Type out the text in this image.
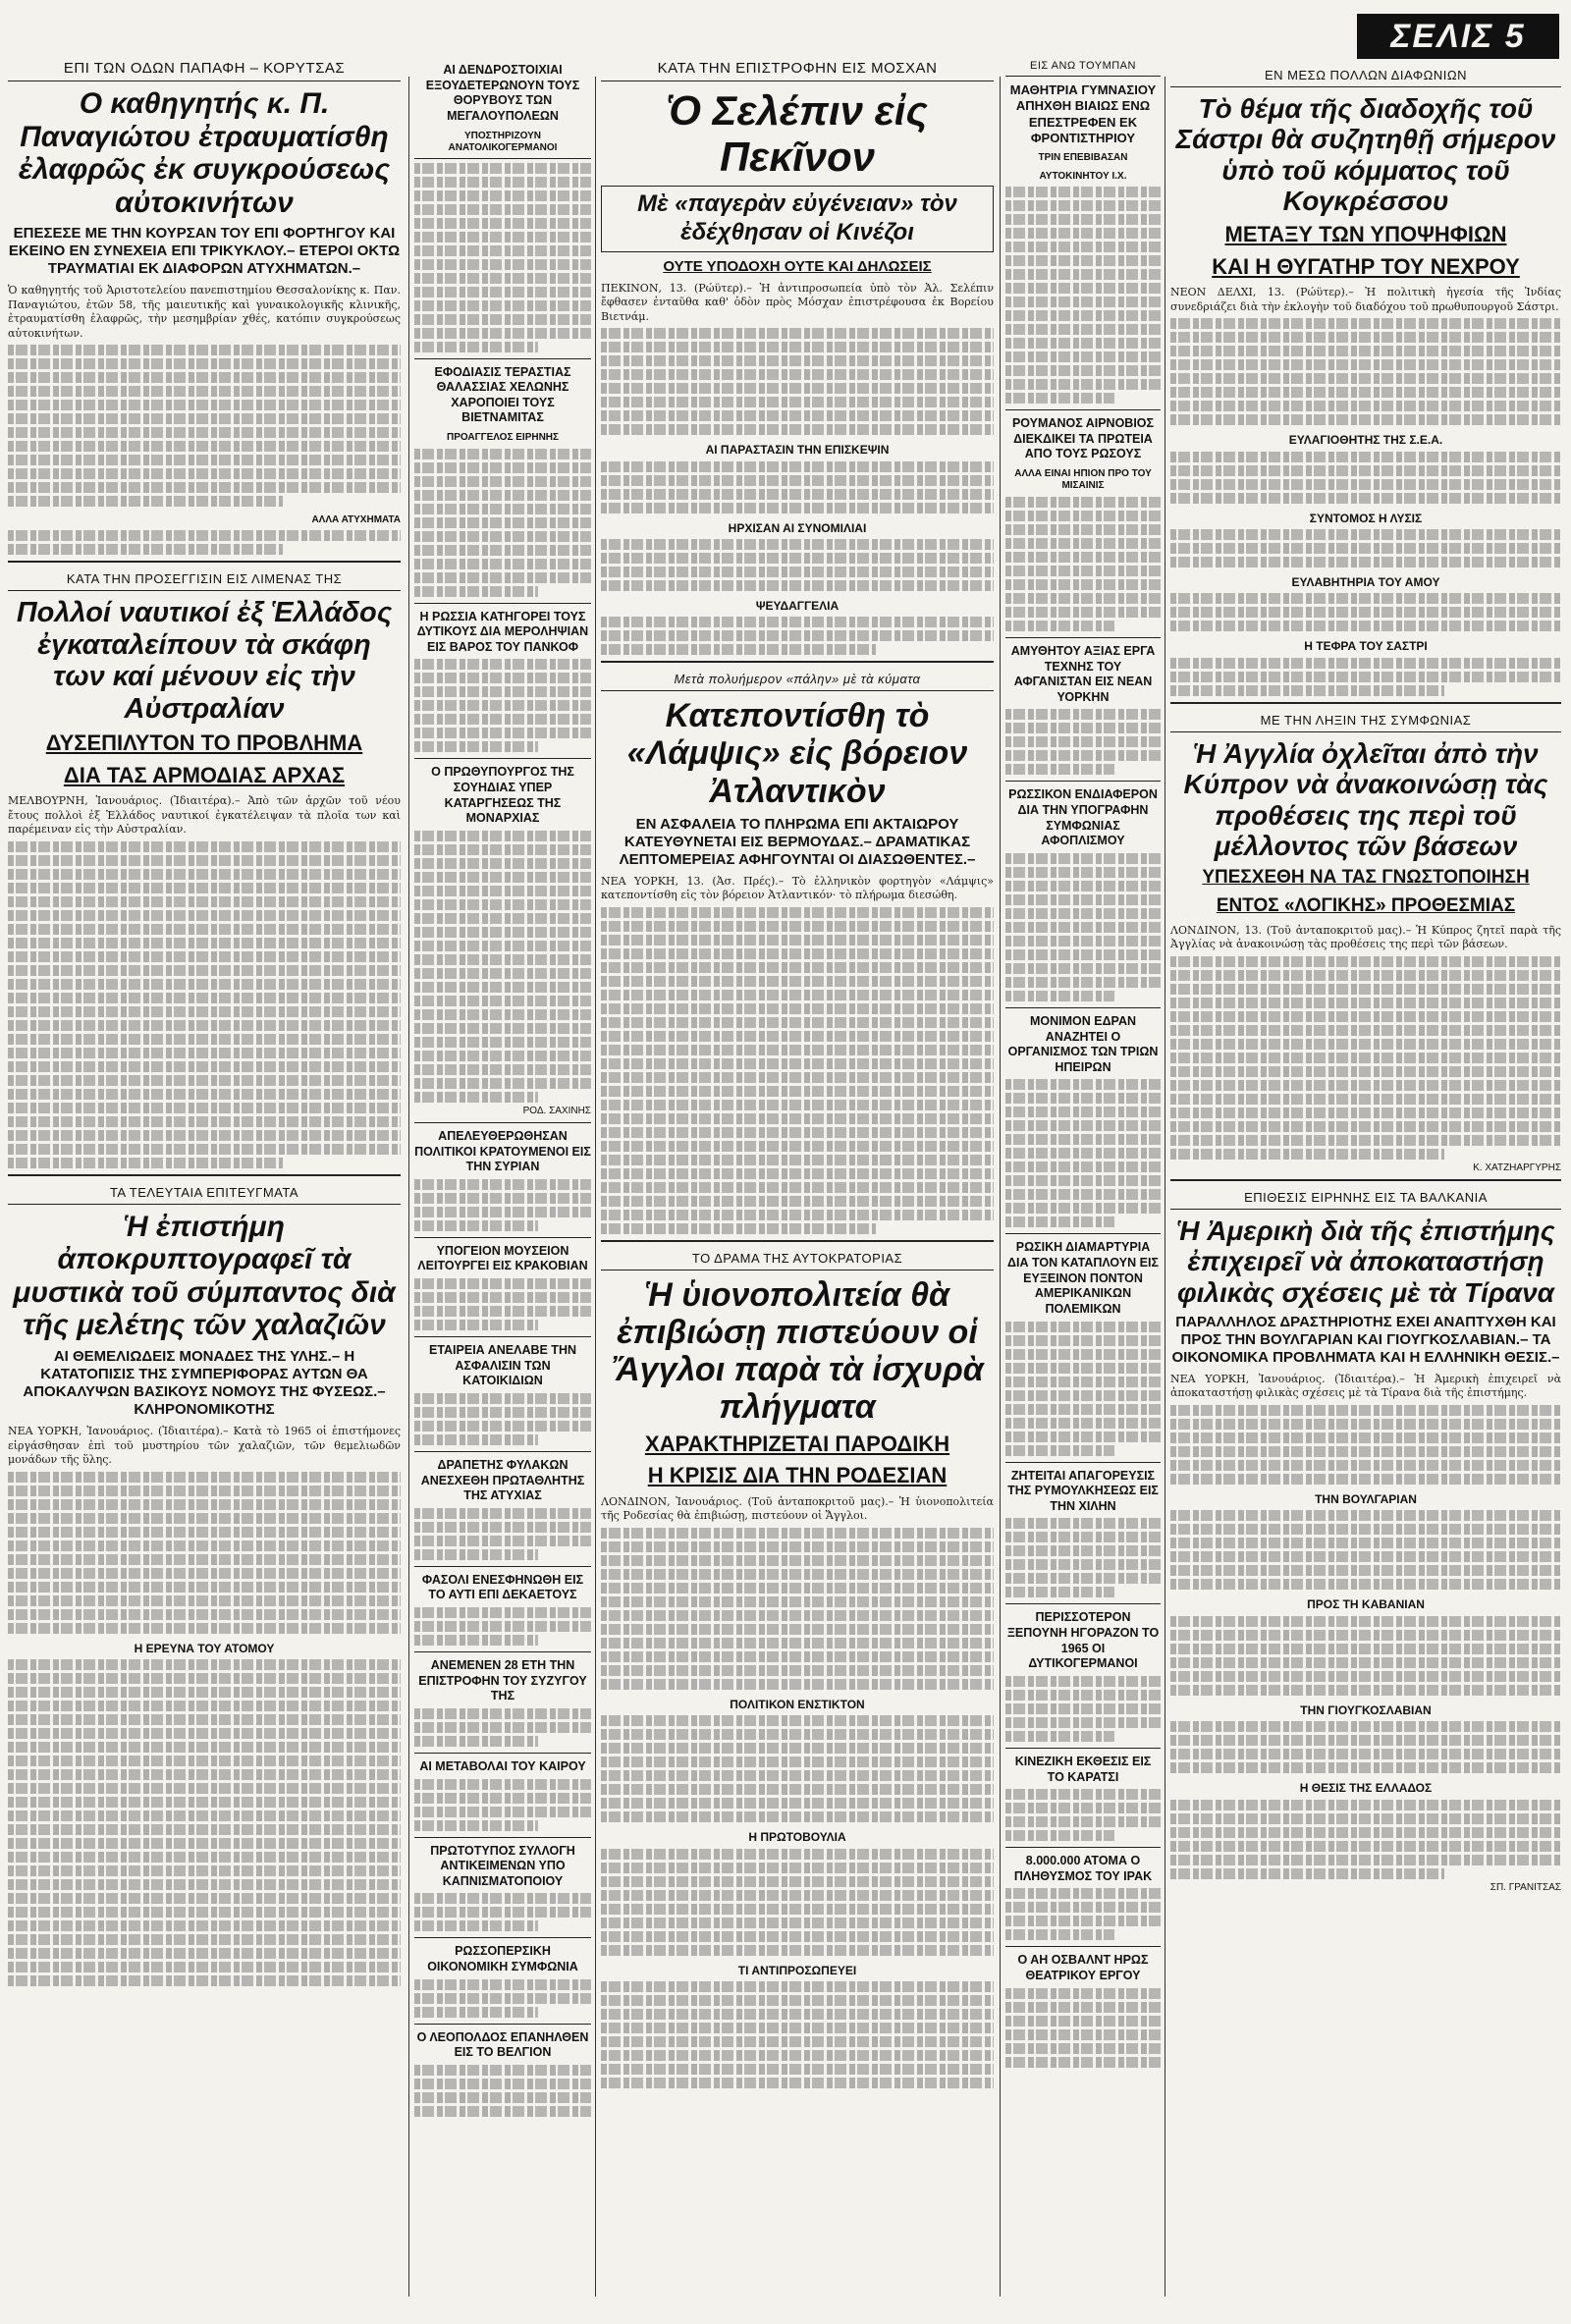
ΣΕΛΙΣ 5
ΕΠΙ ΤΩΝ ΟΔΩΝ ΠΑΠΑΦΗ – ΚΟΡΥΤΣΑΣ
Ο καθηγητής κ. Π. Παναγιώτου ἐτραυματίσθη ἐλαφρῶς ἐκ συγκρούσεως αὐτοκινήτων
ΕΠΕΣΕΣΕ ΜΕ ΤΗΝ ΚΟΥΡΣΑΝ ΤΟΥ ΕΠΙ ΦΟΡΤΗΓΟΥ ΚΑΙ ΕΚΕΙΝΟ ΕΝ ΣΥΝΕΧΕΙΑ ΕΠΙ ΤΡΙΚΥΚΛΟΥ.– ΕΤΕΡΟΙ ΟΚΤΩ ΤΡΑΥΜΑΤΙΑΙ ΕΚ ΔΙΑΦΟΡΩΝ ΑΤΥΧΗΜΑΤΩΝ.–
Ὁ καθηγητής τοῦ Ἀριστοτελείου πανεπιστημίου Θεσσαλονίκης κ. Παν. Παναγιώτου, ἐτῶν 58, τῆς μαιευτικῆς καὶ γυναικολογικῆς κλινικῆς, ἐτραυματίσθη ἐλαφρῶς, τὴν μεσημβρίαν χθές, κατόπιν συγκρούσεως αὐτοκινήτων.
ΑΛΛΑ ΑΤΥΧΗΜΑΤΑ
ΚΑΤΑ ΤΗΝ ΠΡΟΣΕΓΓΙΣΙΝ ΕΙΣ ΛΙΜΕΝΑΣ ΤΗΣ
Πολλοί ναυτικοί ἐξ Ἑλλάδος ἐγκαταλείπουν τὰ σκάφη των καί μένουν εἰς τὴν Αὐστραλίαν
ΔΥΣΕΠΙΛΥΤΟΝ ΤΟ ΠΡΟΒΛΗΜΑ
ΔΙΑ ΤΑΣ ΑΡΜΟΔΙΑΣ ΑΡΧΑΣ
ΜΕΛΒΟΥΡΝΗ, Ἰανουάριος. (Ἰδιαιτέρα).– Ἀπὸ τῶν ἀρχῶν τοῦ νέου ἔτους πολλοὶ ἐξ Ἑλλάδος ναυτικοί ἐγκατέλειψαν τὰ πλοῖα των καὶ παρέμειναν εἰς τὴν Αὐστραλίαν.
ΤΑ ΤΕΛΕΥΤΑΙΑ ΕΠΙΤΕΥΓΜΑΤΑ
Ἡ ἐπιστήμη ἀποκρυπτογραφεῖ τὰ μυστικὰ τοῦ σύμπαντος διὰ τῆς μελέτης τῶν χαλαζιῶν
ΑΙ ΘΕΜΕΛΙΩΔΕΙΣ ΜΟΝΑΔΕΣ ΤΗΣ ΥΛΗΣ.– Η ΚΑΤΑΤΟΠΙΣΙΣ ΤΗΣ ΣΥΜΠΕΡΙΦΟΡΑΣ ΑΥΤΩΝ ΘΑ ΑΠΟΚΑΛΥΨΩΝ ΒΑΣΙΚΟΥΣ ΝΟΜΟΥΣ ΤΗΣ ΦΥΣΕΩΣ.– ΚΛΗΡΟΝΟΜΙΚΟΤΗΣ
ΝΕΑ ΥΟΡΚΗ, Ἰανουάριος. (Ἰδιαιτέρα).– Κατὰ τὸ 1965 οἱ ἐπιστήμονες εἰργάσθησαν ἐπὶ τοῦ μυστηρίου τῶν χαλαζιῶν, τῶν θεμελιωδῶν μονάδων τῆς ὕλης.
Η ΕΡΕΥΝΑ ΤΟΥ ΑΤΟΜΟΥ
ΑΙ ΔΕΝΔΡΟΣΤΟΙΧΙΑΙ ΕΞΟΥΔΕΤΕΡΩΝΟΥΝ ΤΟΥΣ ΘΟΡΥΒΟΥΣ ΤΩΝ ΜΕΓΑΛΟΥΠΟΛΕΩΝ
ΥΠΟΣΤΗΡΙΖΟΥΝ ΑΝΑΤΟΛΙΚΟΓΕΡΜΑΝΟΙ
ΕΦΟΔΙΑΣΙΣ ΤΕΡΑΣΤΙΑΣ ΘΑΛΑΣΣΙΑΣ ΧΕΛΩΝΗΣ ΧΑΡΟΠΟΙΕΙ ΤΟΥΣ ΒΙΕΤΝΑΜΙΤΑΣ
ΠΡΟΑΓΓΕΛΟΣ ΕΙΡΗΝΗΣ
Η ΡΩΣΣΙΑ ΚΑΤΗΓΟΡΕΙ ΤΟΥΣ ΔΥΤΙΚΟΥΣ ΔΙΑ ΜΕΡΟΛΗΨΙΑΝ ΕΙΣ ΒΑΡΟΣ ΤΟΥ ΠΑΝΚΟΦ
Ο ΠΡΩΘΥΠΟΥΡΓΟΣ ΤΗΣ ΣΟΥΗΔΙΑΣ ΥΠΕΡ ΚΑΤΑΡΓΗΣΕΩΣ ΤΗΣ ΜΟΝΑΡΧΙΑΣ
ΡΟΔ. ΣΑΧΙΝΗΣ
ΑΠΕΛΕΥΘΕΡΩΘΗΣΑΝ ΠΟΛΙΤΙΚΟΙ ΚΡΑΤΟΥΜΕΝΟΙ ΕΙΣ ΤΗΝ ΣΥΡΙΑΝ
ΥΠΟΓΕΙΟΝ ΜΟΥΣΕΙΟΝ ΛΕΙΤΟΥΡΓΕΙ ΕΙΣ ΚΡΑΚΟΒΙΑΝ
ΕΤΑΙΡΕΙΑ ΑΝΕΛΑΒΕ ΤΗΝ ΑΣΦΑΛΙΣΙΝ ΤΩΝ ΚΑΤΟΙΚΙΔΙΩΝ
ΔΡΑΠΕΤΗΣ ΦΥΛΑΚΩΝ ΑΝΕΣΧΕΘΗ ΠΡΩΤΑΘΛΗΤΗΣ ΤΗΣ ΑΤΥΧΙΑΣ
ΦΑΣΟΛΙ ΕΝΕΣΦΗΝΩΘΗ ΕΙΣ ΤΟ ΑΥΤΙ ΕΠΙ ΔΕΚΑΕΤΟΥΣ
ΑΝΕΜΕΝΕΝ 28 ΕΤΗ ΤΗΝ ΕΠΙΣΤΡΟΦΗΝ ΤΟΥ ΣΥΖΥΓΟΥ ΤΗΣ
ΑΙ ΜΕΤΑΒΟΛΑΙ ΤΟΥ ΚΑΙΡΟΥ
ΠΡΩΤΟΤΥΠΟΣ ΣΥΛΛΟΓΗ ΑΝΤΙΚΕΙΜΕΝΩΝ ΥΠΟ ΚΑΠΝΙΣΜΑΤΟΠΟΙΟΥ
ΡΩΣΣΟΠΕΡΣΙΚΗ ΟΙΚΟΝΟΜΙΚΗ ΣΥΜΦΩΝΙΑ
Ο ΛΕΟΠΟΛΔΟΣ ΕΠΑΝΗΛΘΕΝ ΕΙΣ ΤΟ ΒΕΛΓΙΟΝ
ΚΑΤΑ ΤΗΝ ΕΠΙΣΤΡΟΦΗΝ ΕΙΣ ΜΟΣΧΑΝ
Ὁ Σελέπιν εἰς Πεκῖνον
Μὲ «παγερὰν εὐγένειαν» τὸν ἐδέχθησαν οἱ Κινέζοι
ΟΥΤΕ ΥΠΟΔΟΧΗ ΟΥΤΕ ΚΑΙ ΔΗΛΩΣΕΙΣ
ΠΕΚΙΝΟΝ, 13. (Ρώϋτερ).– Ἡ ἀντιπροσωπεία ὑπὸ τὸν Ἀλ. Σελέπιν ἔφθασεν ἐνταῦθα καθ' ὁδὸν πρὸς Μόσχαν ἐπιστρέφουσα ἐκ Βορείου Βιετνάμ.
ΑΙ ΠΑΡΑΣΤΑΣΙΝ ΤΗΝ ΕΠΙΣΚΕΨΙΝ
ΗΡΧΙΣΑΝ ΑΙ ΣΥΝΟΜΙΛΙΑΙ
ΨΕΥΔΑΓΓΕΛΙΑ
Μετὰ πολυήμερον «πάλην» μὲ τὰ κύματα
Κατεποντίσθη τὸ «Λάμψις» εἰς βόρειον Ἀτλαντικὸν
ΕΝ ΑΣΦΑΛΕΙΑ ΤΟ ΠΛΗΡΩΜΑ ΕΠΙ ΑΚΤΑΙΩΡΟΥ ΚΑΤΕΥΘΥΝΕΤΑΙ ΕΙΣ ΒΕΡΜΟΥΔΑΣ.– ΔΡΑΜΑΤΙΚΑΣ ΛΕΠΤΟΜΕΡΕΙΑΣ ΑΦΗΓΟΥΝΤΑΙ ΟΙ ΔΙΑΣΩΘΕΝΤΕΣ.–
ΝΕΑ ΥΟΡΚΗ, 13. (Ἀσ. Πρές).– Τὸ ἑλληνικὸν φορτηγὸν «Λάμψις» κατεποντίσθη εἰς τὸν βόρειον Ἀτλαντικόν· τὸ πλήρωμα διεσώθη.
ΤΟ ΔΡΑΜΑ ΤΗΣ ΑΥΤΟΚΡΑΤΟΡΙΑΣ
Ἡ ὑιονοπολιτεία θὰ ἐπιβιώσῃ πιστεύουν οἱ Ἄγγλοι παρὰ τὰ ἰσχυρὰ πλήγματα
ΧΑΡΑΚΤΗΡΙΖΕΤΑΙ ΠΑΡΟΔΙΚΗ
Η ΚΡΙΣΙΣ ΔΙΑ ΤΗΝ ΡΟΔΕΣΙΑΝ
ΛΟΝΔΙΝΟΝ, Ἰανουάριος. (Τοῦ ἀνταποκριτοῦ μας).– Ἡ ὑιονοπολιτεία τῆς Ροδεσίας θὰ ἐπιβιώσῃ, πιστεύουν οἱ Ἄγγλοι.
ΠΟΛΙΤΙΚΟΝ ΕΝΣΤΙΚΤΟΝ
Η ΠΡΩΤΟΒΟΥΛΙΑ
ΤΙ ΑΝΤΙΠΡΟΣΩΠΕΥΕΙ
ΕΙΣ ΑΝΩ ΤΟΥΜΠΑΝ
ΜΑΘΗΤΡΙΑ ΓΥΜΝΑΣΙΟΥ ΑΠΗΧΘΗ ΒΙΑΙΩΣ ΕΝΩ ΕΠΕΣΤΡΕΦΕΝ ΕΚ ΦΡΟΝΤΙΣΤΗΡΙΟΥ
ΤΡΙΝ ΕΠΕΒΙΒΑΣΑΝ
ΑΥΤΟΚΙΝΗΤΟΥ Ι.Χ.
ΡΟΥΜΑΝΟΣ ΑΙΡΝΟΒΙΟΣ ΔΙΕΚΔΙΚΕΙ ΤΑ ΠΡΩΤΕΙΑ ΑΠΟ ΤΟΥΣ ΡΩΣΟΥΣ
ΑΛΛΑ ΕΙΝΑΙ ΗΠΙΟΝ ΠΡΟ ΤΟΥ ΜΙΣΑΙΝΙΣ
ΑΜΥΘΗΤΟΥ ΑΞΙΑΣ ΕΡΓΑ ΤΕΧΝΗΣ ΤΟΥ ΑΦΓΑΝΙΣΤΑΝ ΕΙΣ ΝΕΑΝ ΥΟΡΚΗΝ
ΡΩΣΣΙΚΟΝ ΕΝΔΙΑΦΕΡΟΝ ΔΙΑ ΤΗΝ ΥΠΟΓΡΑΦΗΝ ΣΥΜΦΩΝΙΑΣ ΑΦΟΠΛΙΣΜΟΥ
ΜΟΝΙΜΟΝ ΕΔΡΑΝ ΑΝΑΖΗΤΕΙ Ο ΟΡΓΑΝΙΣΜΟΣ ΤΩΝ ΤΡΙΩΝ ΗΠΕΙΡΩΝ
ΡΩΣΙΚΗ ΔΙΑΜΑΡΤΥΡΙΑ ΔΙΑ ΤΟΝ ΚΑΤΑΠΛΟΥΝ ΕΙΣ ΕΥΞΕΙΝΟΝ ΠΟΝΤΟΝ ΑΜΕΡΙΚΑΝΙΚΩΝ ΠΟΛΕΜΙΚΩΝ
ΖΗΤΕΙΤΑΙ ΑΠΑΓΟΡΕΥΣΙΣ ΤΗΣ ΡΥΜΟΥΛΚΗΣΕΩΣ ΕΙΣ ΤΗΝ ΧΙΛΗΝ
ΠΕΡΙΣΣΟΤΕΡΟΝ ΞΕΠΟΥΝΗ ΗΓΟΡΑΖΟΝ ΤΟ 1965 ΟΙ ΔΥΤΙΚΟΓΕΡΜΑΝΟΙ
ΚΙΝΕΖΙΚΗ ΕΚΘΕΣΙΣ ΕΙΣ ΤΟ ΚΑΡΑΤΣΙ
8.000.000 ΑΤΟΜΑ Ο ΠΛΗΘΥΣΜΟΣ ΤΟΥ ΙΡΑΚ
Ο ΑΗ ΟΣΒΑΛΝΤ ΗΡΩΣ ΘΕΑΤΡΙΚΟΥ ΕΡΓΟΥ
ΕΝ ΜΕΣΩ ΠΟΛΛΩΝ ΔΙΑΦΩΝΙΩΝ
Τὸ θέμα τῆς διαδοχῆς τοῦ Σάστρι θὰ συζητηθῇ σήμερον ὑπὸ τοῦ κόμματος τοῦ Κογκρέσσου
ΜΕΤΑΞΥ ΤΩΝ ΥΠΟΨΗΦΙΩΝ
ΚΑΙ Η ΘΥΓΑΤΗΡ ΤΟΥ ΝΕΧΡΟΥ
ΝΕΟΝ ΔΕΛΧΙ, 13. (Ρώϋτερ).– Ἡ πολιτικὴ ἡγεσία τῆς Ἰνδίας συνεδριάζει διὰ τὴν ἐκλογὴν τοῦ διαδόχου τοῦ πρωθυπουργοῦ Σάστρι.
ΕΥΛΑΓΙΟΘΗΤΗΣ ΤΗΣ Σ.Ε.Α.
ΣΥΝΤΟΜΟΣ Η ΛΥΣΙΣ
ΕΥΛΑΒΗΤΗΡΙΑ ΤΟΥ ΑΜΟΥ
Η ΤΕΦΡΑ ΤΟΥ ΣΑΣΤΡΙ
ΜΕ ΤΗΝ ΛΗΞΙΝ ΤΗΣ ΣΥΜΦΩΝΙΑΣ
Ἡ Ἀγγλία ὀχλεῖται ἀπὸ τὴν Κύπρον νὰ ἀνακοινώσῃ τὰς προθέσεις της περὶ τοῦ μέλλοντος τῶν βάσεων
ΥΠΕΣΧΕΘΗ ΝΑ ΤΑΣ ΓΝΩΣΤΟΠΟΙΗΣΗ
ΕΝΤΟΣ «ΛΟΓΙΚΗΣ» ΠΡΟΘΕΣΜΙΑΣ
ΛΟΝΔΙΝΟΝ, 13. (Τοῦ ἀνταποκριτοῦ μας).– Ἡ Κύπρος ζητεῖ παρὰ τῆς Ἀγγλίας νὰ ἀνακοινώσῃ τὰς προθέσεις της περὶ τῶν βάσεων.
Κ. ΧΑΤΖΗΑΡΓΥΡΗΣ
ΕΠΙΘΕΣΙΣ ΕΙΡΗΝΗΣ ΕΙΣ ΤΑ ΒΑΛΚΑΝΙΑ
Ἡ Ἀμερικὴ διὰ τῆς ἐπιστήμης ἐπιχειρεῖ νὰ ἀποκαταστήσῃ φιλικὰς σχέσεις μὲ τὰ Τίρανα
ΠΑΡΑΛΛΗΛΟΣ ΔΡΑΣΤΗΡΙΟΤΗΣ ΕΧΕΙ ΑΝΑΠΤΥΧΘΗ ΚΑΙ ΠΡΟΣ ΤΗΝ ΒΟΥΛΓΑΡΙΑΝ ΚΑΙ ΓΙΟΥΓΚΟΣΛΑΒΙΑΝ.– ΤΑ ΟΙΚΟΝΟΜΙΚΑ ΠΡΟΒΛΗΜΑΤΑ ΚΑΙ Η ΕΛΛΗΝΙΚΗ ΘΕΣΙΣ.–
ΝΕΑ ΥΟΡΚΗ, Ἰανουάριος. (Ἰδιαιτέρα).– Ἡ Ἀμερικὴ ἐπιχειρεῖ νὰ ἀποκαταστήσῃ φιλικὰς σχέσεις μὲ τὰ Τίρανα διὰ τῆς ἐπιστήμης.
ΤΗΝ ΒΟΥΛΓΑΡΙΑΝ
ΠΡΟΣ ΤΗ ΚΑΒΑΝΙΑΝ
ΤΗΝ ΓΙΟΥΓΚΟΣΛΑΒΙΑΝ
Η ΘΕΣΙΣ ΤΗΣ ΕΛΛΑΔΟΣ
ΣΠ. ΓΡΑΝΙΤΣΑΣ
